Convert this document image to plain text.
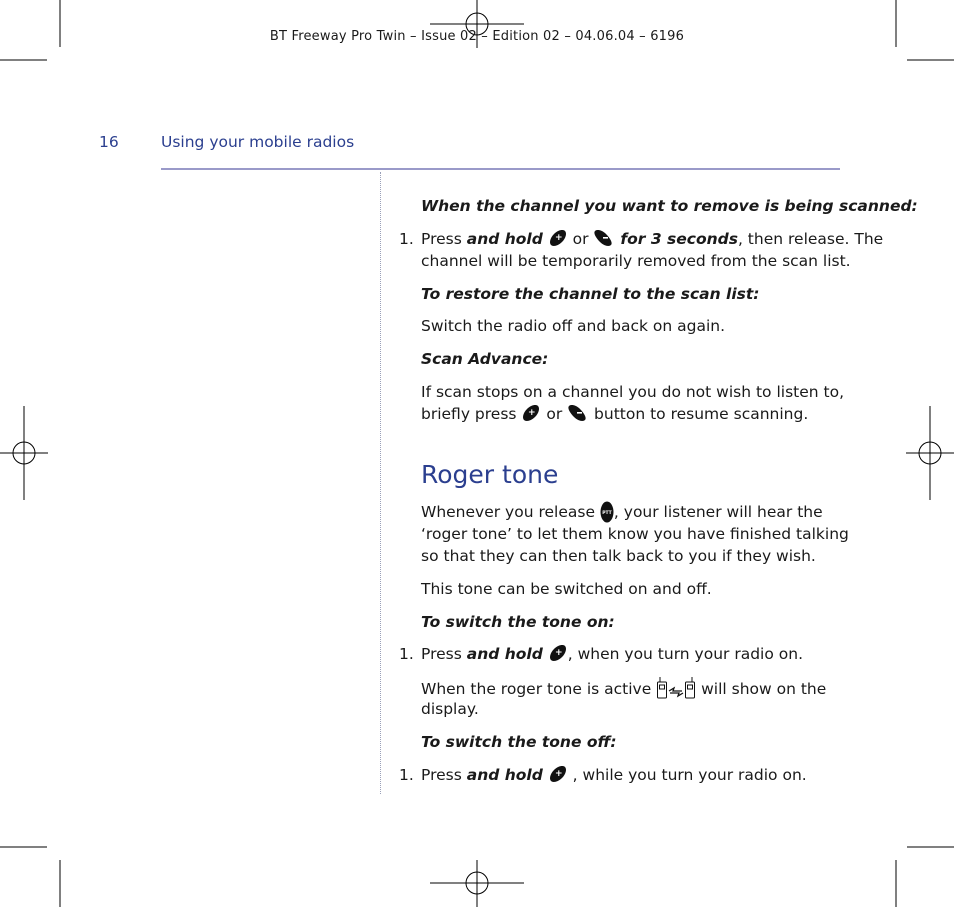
BT Freeway Pro Twin – Issue 02 – Edition 02 – 04.06.04 – 6196
16	Using your mobile radios
When the channel you want to remove is being scanned:
1. Press and hold + or  for 3 seconds, then release. The
channel will be temporarily removed from the scan list.
To restore the channel to the scan list:
Switch the radio off and back on again.
Scan Advance:
If scan stops on a channel you do not wish to listen to,
briefly press + or  button to resume scanning.
Roger tone
Whenever you release PTT , your listener will hear the
‘roger tone’ to let them know you have finished talking
so that they can then talk back to you if they wish.
This tone can be switched on and off.
To switch the tone on:
1. Press and hold + , when you turn your radio on.
When the roger tone is active	will show on the
display.
To switch the tone off:
1. Press and hold + , while you turn your radio on.
